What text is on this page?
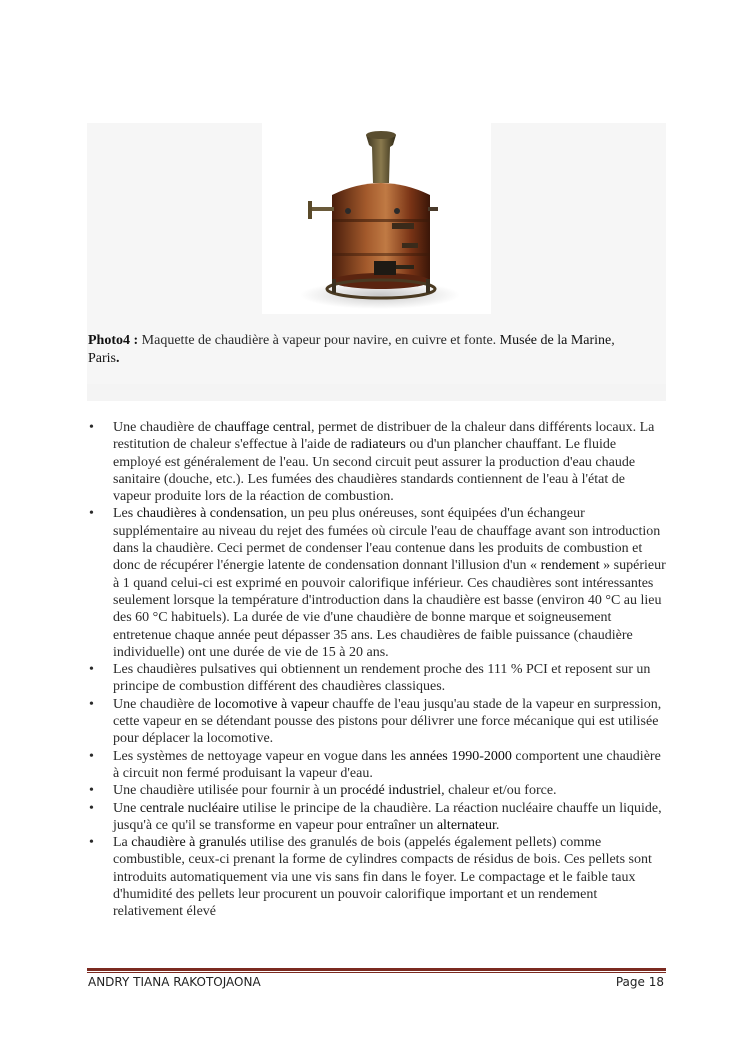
Photo4 : Maquette de chaudière à vapeur pour navire, en cuivre et fonte. Musée de la Marine,
Paris.
• Une chaudière de chauffage central, permet de distribuer de la chaleur dans différents locaux. La restitution de chaleur s'effectue à l'aide de radiateurs ou d'un plancher chauffant. Le fluide employé est généralement de l'eau. Un second circuit peut assurer la production d'eau chaude sanitaire (douche, etc.). Les fumées des chaudières standards contiennent de l'eau à l'état de vapeur produite lors de la réaction de combustion.
• Les chaudières à condensation, un peu plus onéreuses, sont équipées d'un échangeur supplémentaire au niveau du rejet des fumées où circule l'eau de chauffage avant son introduction dans la chaudière. Ceci permet de condenser l'eau contenue dans les produits de combustion et donc de récupérer l'énergie latente de condensation donnant l'illusion d'un « rendement » supérieur à 1 quand celui-ci est exprimé en pouvoir calorifique inférieur. Ces chaudières sont intéressantes seulement lorsque la température d'introduction dans la chaudière est basse (environ 40 °C au lieu des 60 °C habituels). La durée de vie d'une chaudière de bonne marque et soigneusement entretenue chaque année peut dépasser 35 ans. Les chaudières de faible puissance (chaudière individuelle) ont une durée de vie de 15 à 20 ans.
• Les chaudières pulsatives qui obtiennent un rendement proche des 111 % PCI et reposent sur un principe de combustion différent des chaudières classiques.
• Une chaudière de locomotive à vapeur chauffe de l'eau jusqu'au stade de la vapeur en surpression, cette vapeur en se détendant pousse des pistons pour délivrer une force mécanique qui est utilisée pour déplacer la locomotive.
• Les systèmes de nettoyage vapeur en vogue dans les années 1990-2000 comportent une chaudière à circuit non fermé produisant la vapeur d'eau.
• Une chaudière utilisée pour fournir à un procédé industriel, chaleur et/ou force.
• Une centrale nucléaire utilise le principe de la chaudière. La réaction nucléaire chauffe un liquide, jusqu'à ce qu'il se transforme en vapeur pour entraîner un alternateur.
• La chaudière à granulés utilise des granulés de bois (appelés également pellets) comme combustible, ceux-ci prenant la forme de cylindres compacts de résidus de bois. Ces pellets sont introduits automatiquement via une vis sans fin dans le foyer. Le compactage et le faible taux d'humidité des pellets leur procurent un pouvoir calorifique important et un rendement relativement élevé
ANDRY TIANA RAKOTOJAONA	Page 18
